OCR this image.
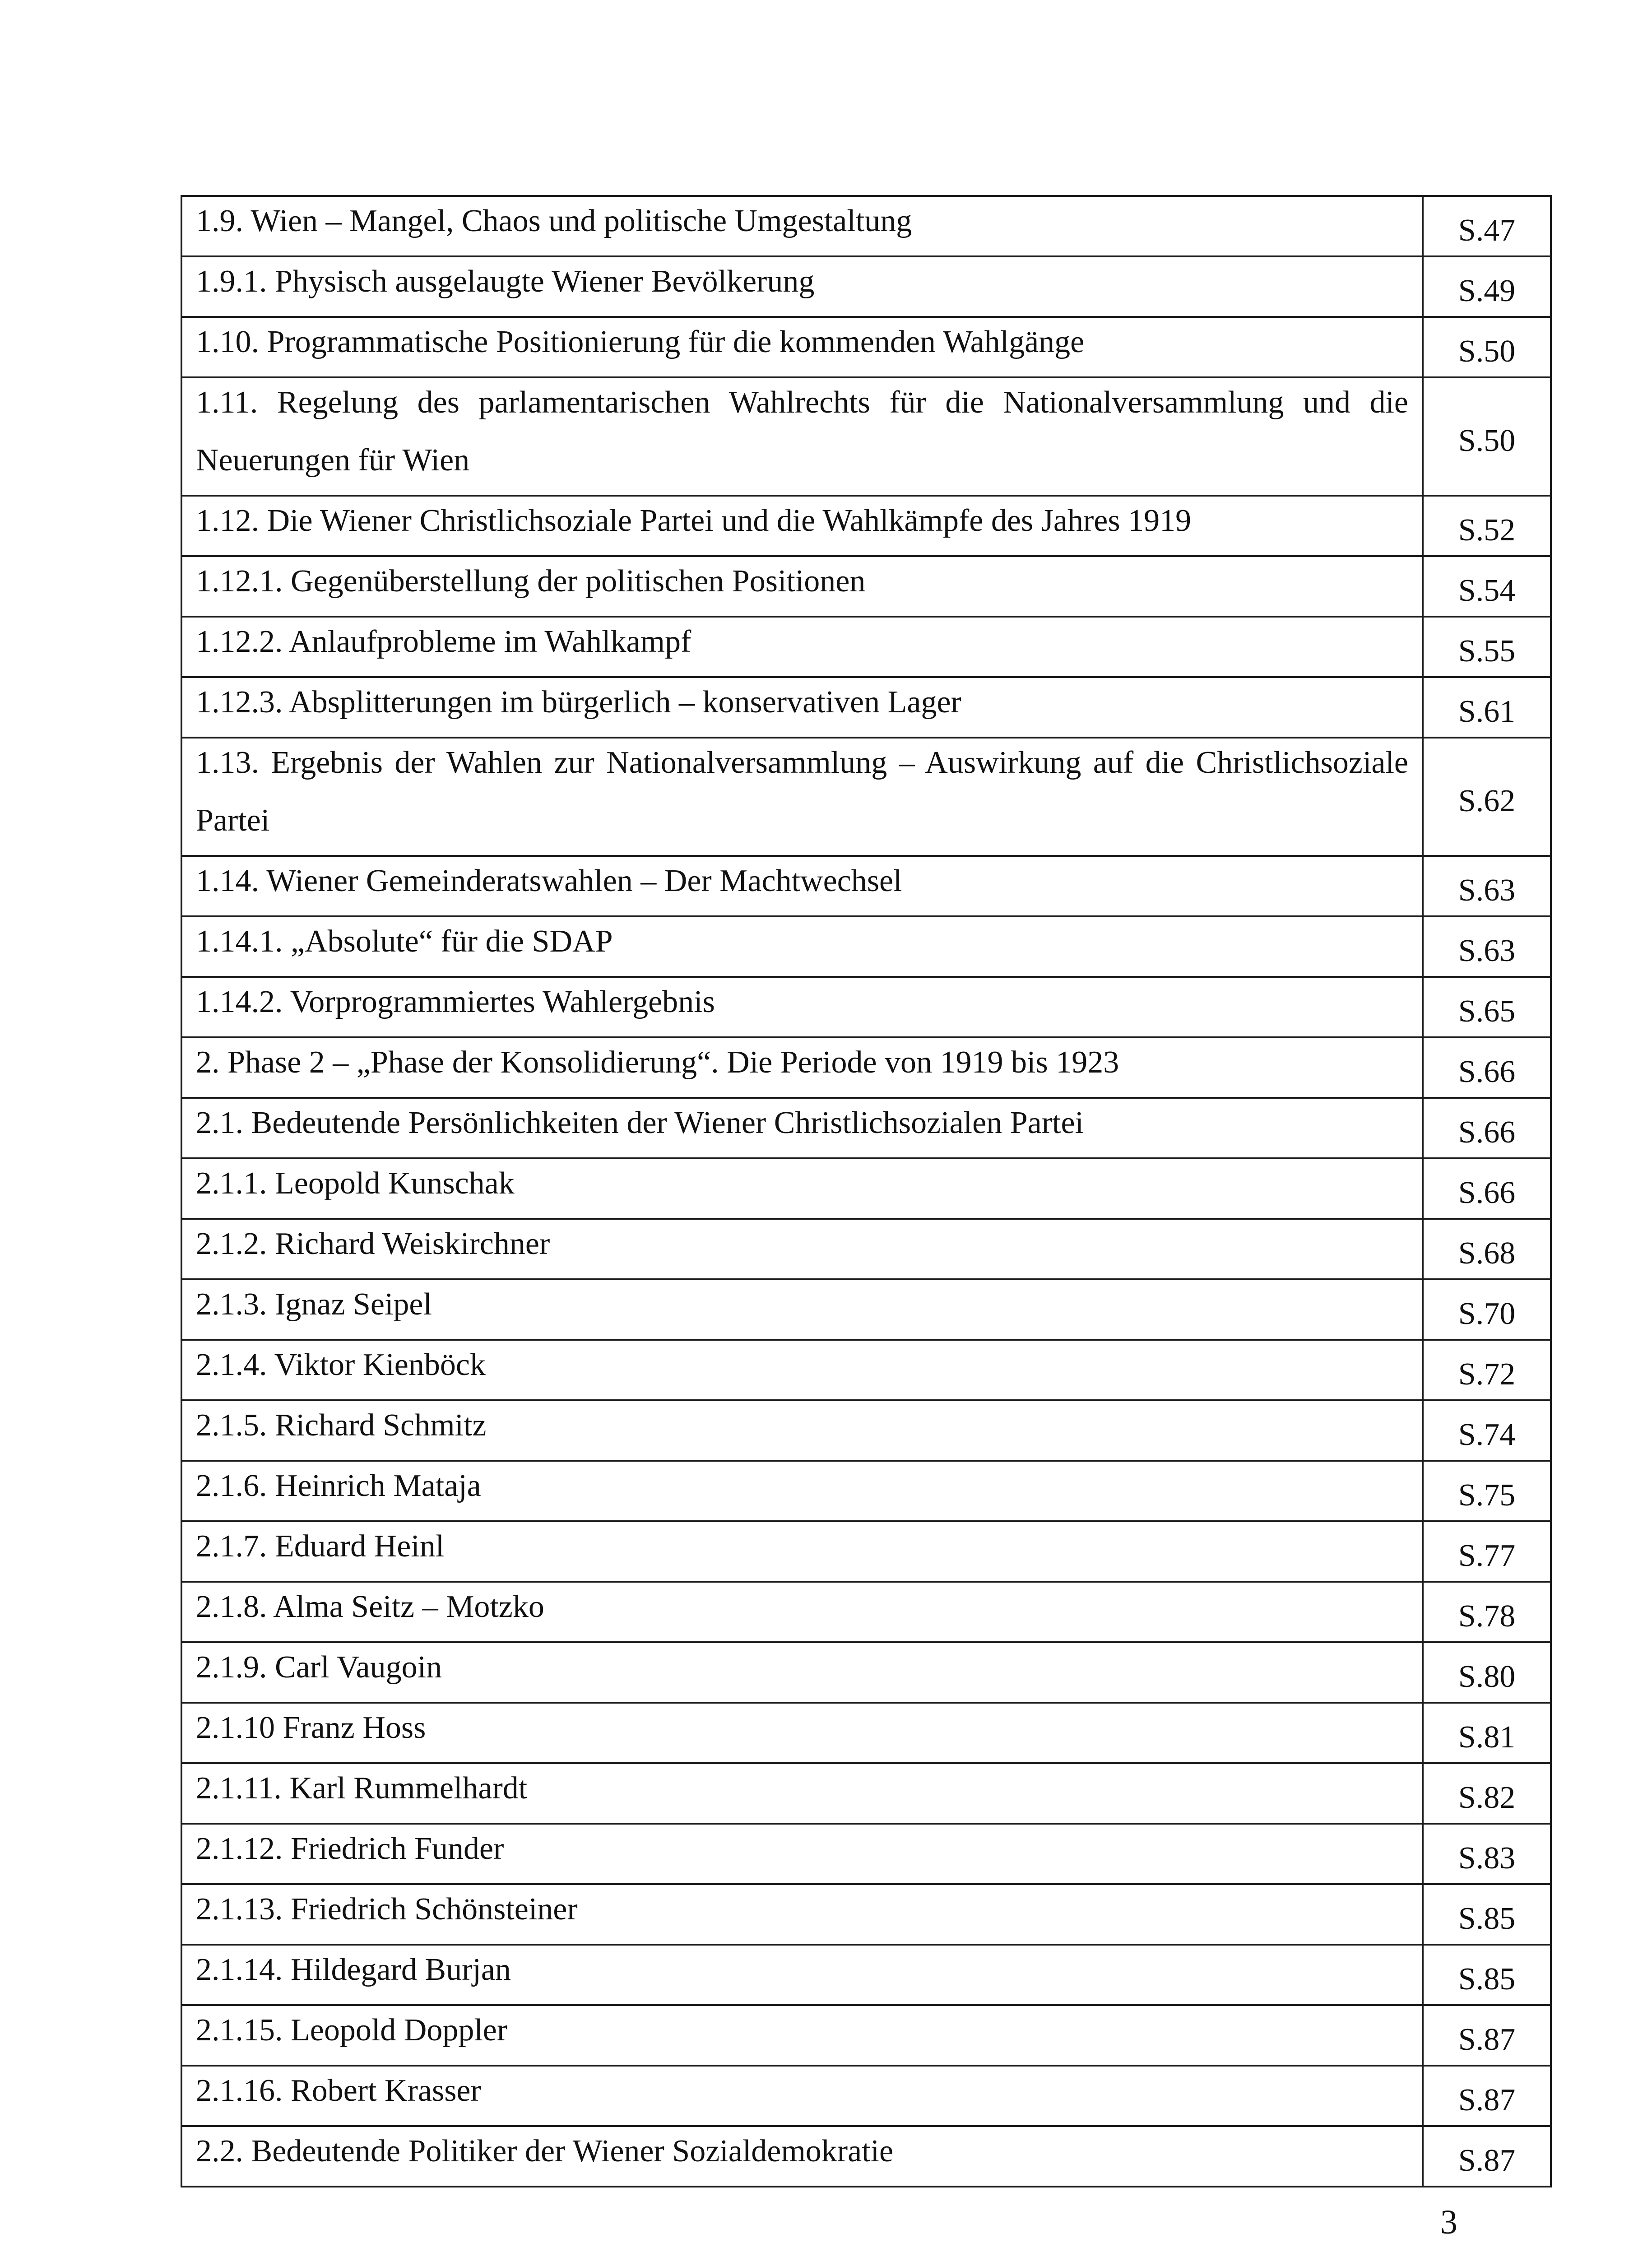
1.9. Wien – Mangel, Chaos und politische Umgestaltung	S.47

1.9.1. Physisch ausgelaugte Wiener Bevölkerung	S.49

1.10. Programmatische Positionierung für die kommenden Wahlgänge	S.50

1.11. Regelung des parlamentarischen Wahlrechts für die Nationalversammlung und die Neuerungen für Wien	S.50

1.12. Die Wiener Christlichsoziale Partei und die Wahlkämpfe des Jahres 1919	S.52

1.12.1. Gegenüberstellung der politischen Positionen	S.54

1.12.2. Anlaufprobleme im Wahlkampf	S.55

1.12.3. Absplitterungen im bürgerlich – konservativen Lager	S.61

1.13. Ergebnis der Wahlen zur Nationalversammlung – Auswirkung auf die Christlichsoziale Partei	S.62

1.14. Wiener Gemeinderatswahlen – Der Machtwechsel	S.63

1.14.1. „Absolute“ für die SDAP	S.63

1.14.2. Vorprogrammiertes Wahlergebnis	S.65

2. Phase 2 – „Phase der Konsolidierung“. Die Periode von 1919 bis 1923	S.66

2.1. Bedeutende Persönlichkeiten der Wiener Christlichsozialen Partei	S.66

2.1.1. Leopold Kunschak	S.66

2.1.2. Richard Weiskirchner	S.68

2.1.3. Ignaz Seipel	S.70

2.1.4. Viktor Kienböck	S.72

2.1.5. Richard Schmitz	S.74

2.1.6. Heinrich Mataja	S.75

2.1.7. Eduard Heinl	S.77

2.1.8. Alma Seitz – Motzko	S.78

2.1.9. Carl Vaugoin	S.80

2.1.10 Franz Hoss	S.81

2.1.11. Karl Rummelhardt	S.82

2.1.12. Friedrich Funder	S.83

2.1.13. Friedrich Schönsteiner	S.85

2.1.14. Hildegard Burjan	S.85

2.1.15. Leopold Doppler	S.87

2.1.16. Robert Krasser	S.87

2.2. Bedeutende Politiker der Wiener Sozialdemokratie	S.87
3
